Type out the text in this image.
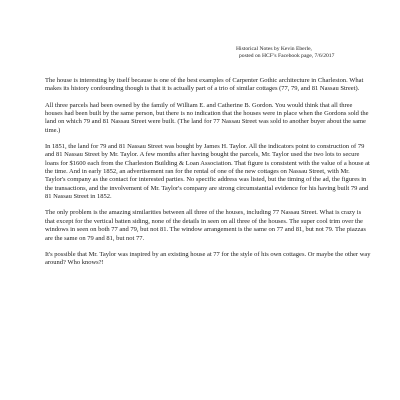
Historical Notes by Kevin Eberle,
posted on HCF’s Facebook page, 7/6/2017

The house is interesting by itself because is one of the best examples of Carpenter Gothic architecture in Charleston. What makes its history confounding though is that it is actually part of a trio of similar cottages (77, 79, and 81 Nassau Street).

All three parcels had been owned by the family of William E. and Catherine B. Gordon. You would think that all three houses had been built by the same person, but there is no indication that the houses were in place when the Gordons sold the land on which 79 and 81 Nassau Street were built. (The land for 77 Nassau Street was sold to another buyer about the same time.)

In 1851, the land for 79 and 81 Nassau Street was bought by James H. Taylor. All the indicators point to construction of 79 and 81 Nassau Street by Mr. Taylor. A few months after having bought the parcels, Mr. Taylor used the two lots to secure loans for $1600 each from the Charleston Building & Loan Association. That figure is consistent with the value of a house at the time. And in early 1852, an advertisement ran for the rental of one of the new cottages on Nassau Street, with Mr. Taylor's company as the contact for interested parties. No specific address was listed, but the timing of the ad, the figures in the transactions, and the involvement of Mr. Taylor's company are strong circumstantial evidence for his having built 79 and 81 Nassau Street in 1852.

The only problem is the amazing similarities between all three of the houses, including 77 Nassau Street. What is crazy is that except for the vertical batten siding, none of the details in seen on all three of the houses. The super cool trim over the windows in seen on both 77 and 79, but not 81. The window arrangement is the same on 77 and 81, but not 79. The piazzas are the same on 79 and 81, but not 77.

It's possible that Mr. Taylor was inspired by an existing house at 77 for the style of his own cottages. Or maybe the other way around? Who knows?!
